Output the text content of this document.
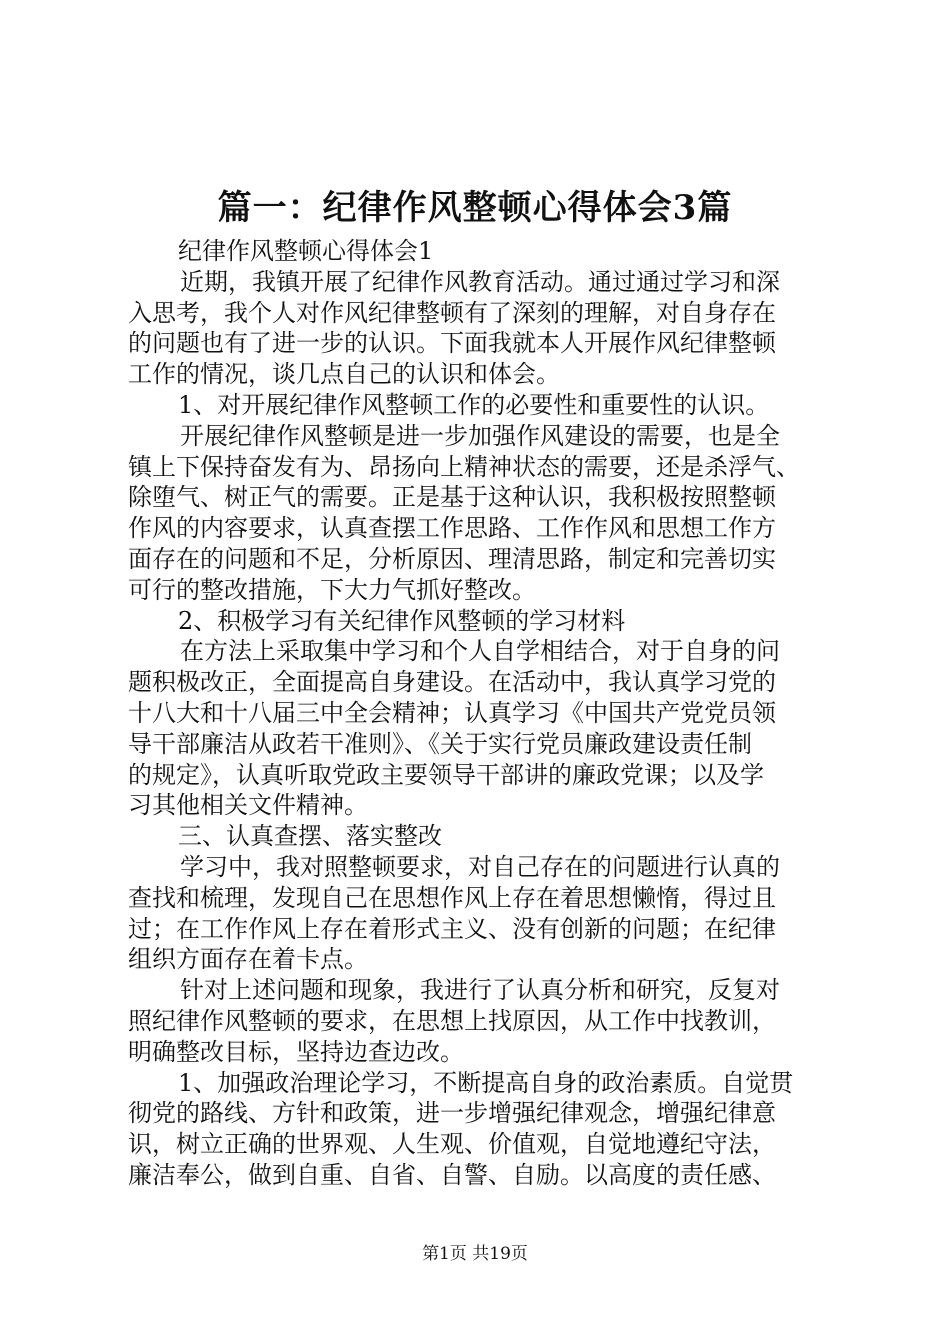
篇一：纪律作风整顿心得体会3篇
纪律作风整顿心得体会1
近期，我镇开展了纪律作风教育活动。通过通过学习和深
入思考，我个人对作风纪律整顿有了深刻的理解，对自身存在
的问题也有了进一步的认识。下面我就本人开展作风纪律整顿
工作的情况，谈几点自己的认识和体会。
1、对开展纪律作风整顿工作的必要性和重要性的认识。
开展纪律作风整顿是进一步加强作风建设的需要，也是全
镇上下保持奋发有为、昂扬向上精神状态的需要，还是杀浮气、
除堕气、树正气的需要。正是基于这种认识，我积极按照整顿
作风的内容要求，认真查摆工作思路、工作作风和思想工作方
面存在的问题和不足，分析原因、理清思路，制定和完善切实
可行的整改措施，下大力气抓好整改。
2、积极学习有关纪律作风整顿的学习材料
在方法上采取集中学习和个人自学相结合，对于自身的问
题积极改正，全面提高自身建设。在活动中，我认真学习党的
十八大和十八届三中全会精神；认真学习《中国共产党党员领
导干部廉洁从政若干准则》、《关于实行党员廉政建设责任制
的规定》，认真听取党政主要领导干部讲的廉政党课；以及学
习其他相关文件精神。
三、认真查摆、落实整改
学习中，我对照整顿要求，对自己存在的问题进行认真的
查找和梳理，发现自己在思想作风上存在着思想懒惰，得过且
过；在工作作风上存在着形式主义、没有创新的问题；在纪律
组织方面存在着卡点。
针对上述问题和现象，我进行了认真分析和研究，反复对
照纪律作风整顿的要求，在思想上找原因，从工作中找教训，
明确整改目标，坚持边查边改。
1、加强政治理论学习，不断提高自身的政治素质。自觉贯
彻党的路线、方针和政策，进一步增强纪律观念，增强纪律意
识，树立正确的世界观、人生观、价值观，自觉地遵纪守法，
廉洁奉公，做到自重、自省、自警、自励。以高度的责任感、
第1页 共19页
